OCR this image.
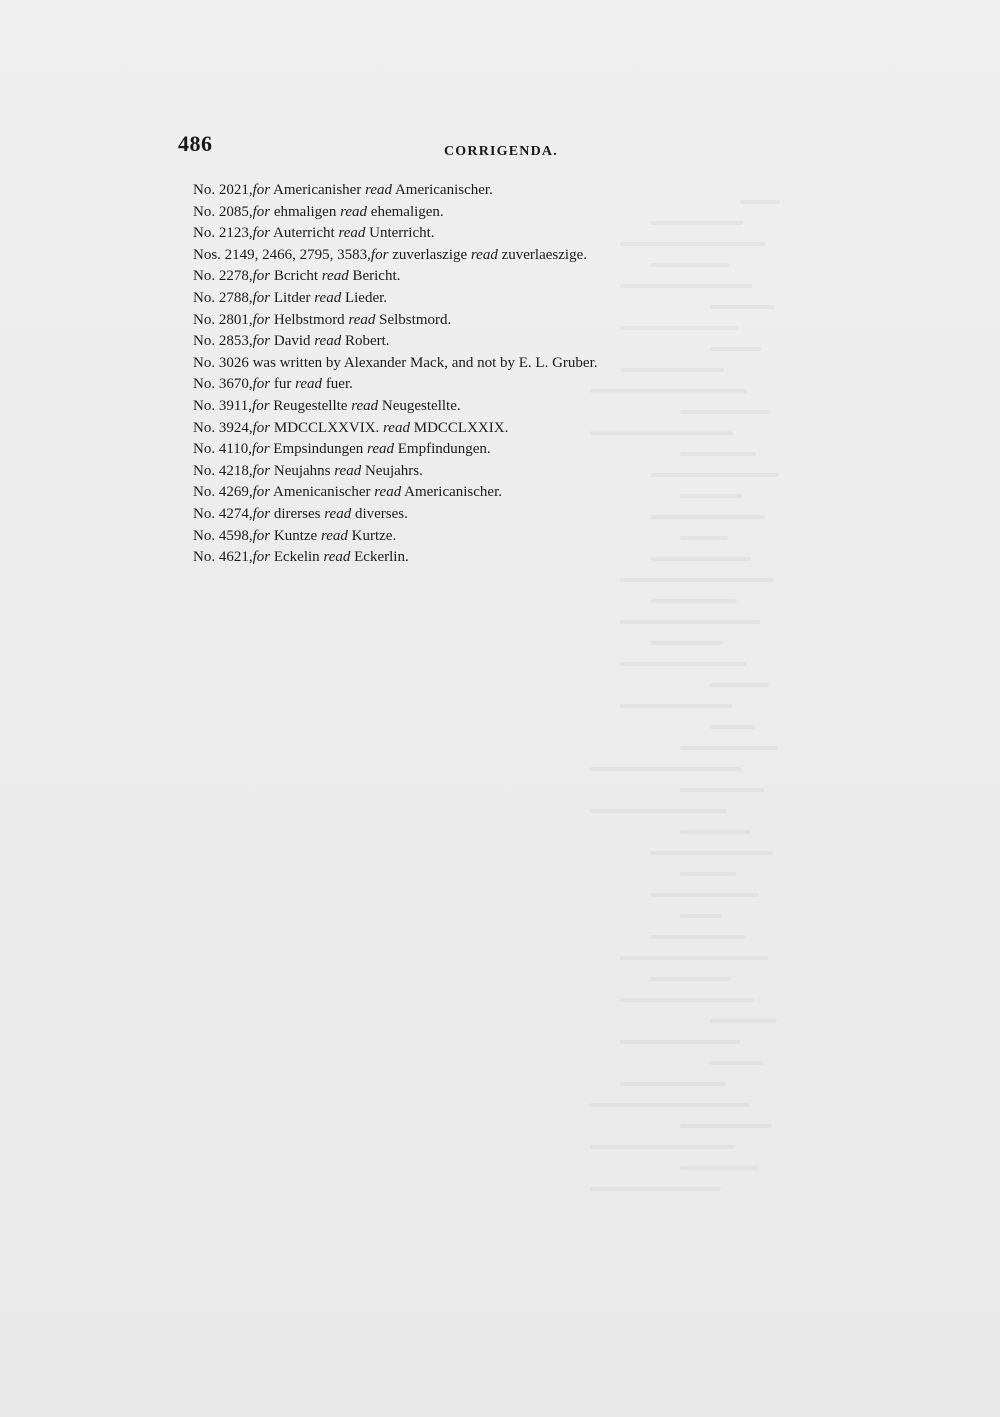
486	CORRIGENDA.
No. 2021,for Americanisher read Americanischer.
No. 2085,for ehmaligen read ehemaligen.
No. 2123,for Auterricht read Unterricht.
Nos. 2149, 2466, 2795, 3583,for zuverlaszige read zuverlaeszige.
No. 2278,for Bcricht read Bericht.
No. 2788,for Litder read Lieder.
No. 2801,for Helbstmord read Selbstmord.
No. 2853,for David read Robert.
No. 3026 was written by Alexander Mack, and not by E. L. Gruber.
No. 3670,for fur read fuer.
No. 3911,for Reugestellte read Neugestellte.
No. 3924,for MDCCLXXVIX. read MDCCLXXIX.
No. 4110,for Empsindungen read Empfindungen.
No. 4218,for Neujahns read Neujahrs.
No. 4269,for Amenicanischer read Americanischer.
No. 4274,for direrses read diverses.
No. 4598,for Kuntze read Kurtze.
No. 4621,for Eckelin read Eckerlin.
